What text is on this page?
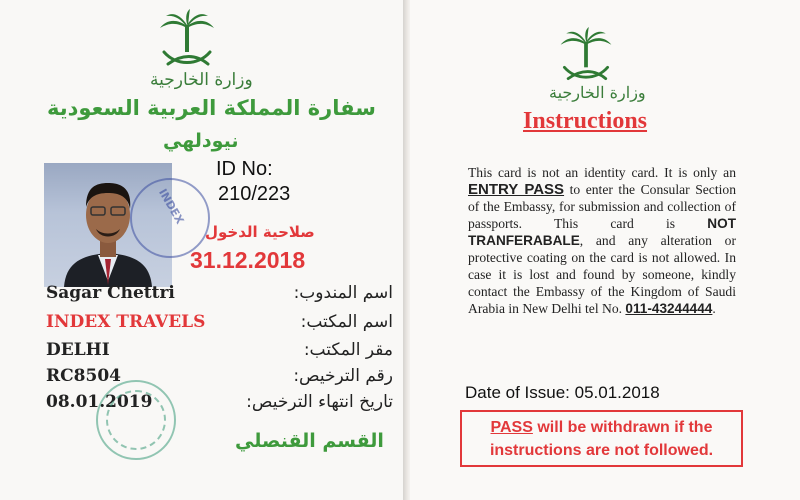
وزارة الخارجية
سفارة المملكة العربية السعودية
نيودلهي
INDEX
ID No:
210/223
صلاحية الدخول
31.12.2018
اسم المندوب:
Sagar Chettri
اسم المكتب:
INDEX TRAVELS
مقر المكتب:
DELHI
رقم الترخيص:
RC8504
تاريخ انتهاء الترخيص:
08.01.2019
القسم القنصلي
وزارة الخارجية
Instructions
This card is not an identity card. It is only an ENTRY PASS to enter the Consular Section of the Embassy, for submission and collection of passports. This card is NOT TRANFERABALE, and any alteration or protective coating on the card is not allowed. In case it is lost and found by someone, kindly contact the Embassy of the Kingdom of Saudi Arabia in New Delhi tel No. 011-43244444.
Date of Issue: 05.01.2018
PASS will be withdrawn if the instructions are not followed.
